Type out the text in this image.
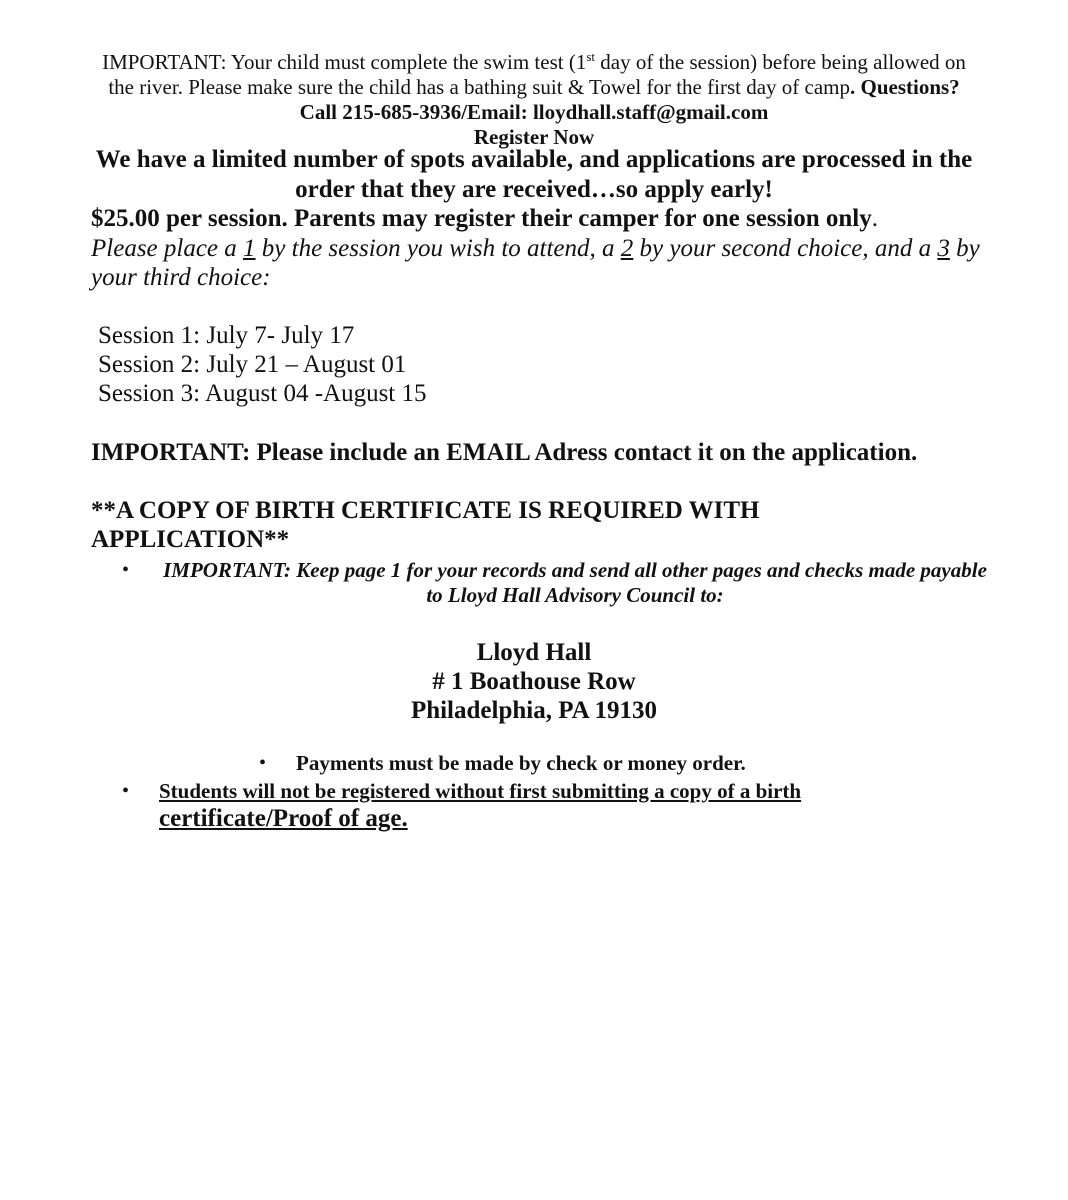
IMPORTANT: Your child must complete the swim test (1st day of the session) before being allowed on the river. Please make sure the child has a bathing suit & Towel for the first day of camp. Questions? Call 215-685-3936/Email: lloydhall.staff@gmail.com
Register Now
We have a limited number of spots available, and applications are processed in the order that they are received…so apply early!
$25.00 per session. Parents may register their camper for one session only.
Please place a 1 by the session you wish to attend, a 2 by your second choice, and a 3 by your third choice:
Session 1: July 7- July 17
Session 2: July 21 – August 01
Session 3: August 04 -August 15
IMPORTANT: Please include an EMAIL Adress contact it on the application.
**A COPY OF BIRTH CERTIFICATE IS REQUIRED WITH APPLICATION**
• IMPORTANT: Keep page 1 for your records and send all other pages and checks made payable to Lloyd Hall Advisory Council to:
Lloyd Hall
# 1 Boathouse Row
Philadelphia, PA 19130
• Payments must be made by check or money order.
• Students will not be registered without first submitting a copy of a birth
certificate/Proof of age.
